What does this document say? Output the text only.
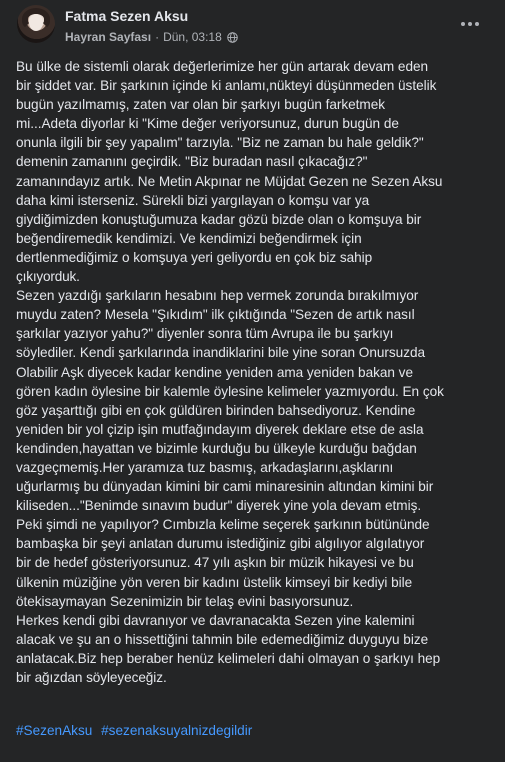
Fatma Sezen Aksu
Hayran Sayfası · Dün, 03:18
Bu ülke de sistemli olarak değerlerimize her gün artarak devam eden
bir şiddet var. Bir şarkının içinde ki anlamı,nükteyi düşünmeden üstelik
bugün yazılmamış, zaten var olan bir şarkıyı bugün farketmek
mi...Adeta diyorlar ki "Kime değer veriyorsunuz, durun bugün de
onunla ilgili bir şey yapalım" tarzıyla. "Biz ne zaman bu hale geldik?"
demenin zamanını geçirdik. "Biz buradan nasıl çıkacağız?"
zamanındayız artık. Ne Metin Akpınar ne Müjdat Gezen ne Sezen Aksu
daha kimi isterseniz. Sürekli bizi yargılayan o komşu var ya
giydiğimizden konuştuğumuza kadar gözü bizde olan o komşuya bir
beğendiremedik kendimizi. Ve kendimizi beğendirmek için
dertlenmediğimiz o komşuya yeri geliyordu en çok biz sahip
çıkıyorduk.
Sezen yazdığı şarkıların hesabını hep vermek zorunda bırakılmıyor
muydu zaten? Mesela "Şıkıdım" ilk çıktığında "Sezen de artık nasıl
şarkılar yazıyor yahu?" diyenler sonra tüm Avrupa ile bu şarkıyı
söylediler. Kendi şarkılarında inandiklarini bile yine soran Onursuzda
Olabilir Aşk diyecek kadar kendine yeniden ama yeniden bakan ve
gören kadın öylesine bir kalemle öylesine kelimeler yazmıyordu. En çok
göz yaşarttığı gibi en çok güldüren birinden bahsediyoruz. Kendine
yeniden bir yol çizip işin mutfağındayım diyerek deklare etse de asla
kendinden,hayattan ve bizimle kurduğu bu ülkeyle kurduğu bağdan
vazgeçmemiş.Her yaramıza tuz basmış, arkadaşlarını,aşklarını
uğurlarmış bu dünyadan kimini bir cami minaresinin altından kimini bir
kiliseden..."Benimde sınavım budur" diyerek yine yola devam etmiş.
Peki şimdi ne yapılıyor? Cımbızla kelime seçerek şarkının bütününde
bambaşka bir şeyi anlatan durumu istediğiniz gibi algılıyor algılatıyor
bir de hedef gösteriyorsunuz. 47 yılı aşkın bir müzik hikayesi ve bu
ülkenin müziğine yön veren bir kadını üstelik kimseyi bir kediyi bile
ötekisaymayan Sezenimizin bir telaş evini basıyorsunuz.
Herkes kendi gibi davranıyor ve davranacakta Sezen yine kalemini
alacak ve şu an o hissettiğini tahmin bile edemediğimiz duyguyu bize
anlatacak.Biz hep beraber henüz kelimeleri dahi olmayan o şarkıyı hep
bir ağızdan söyleyeceğiz.
#SezenAksu #sezenaksuyalnizdegildir
